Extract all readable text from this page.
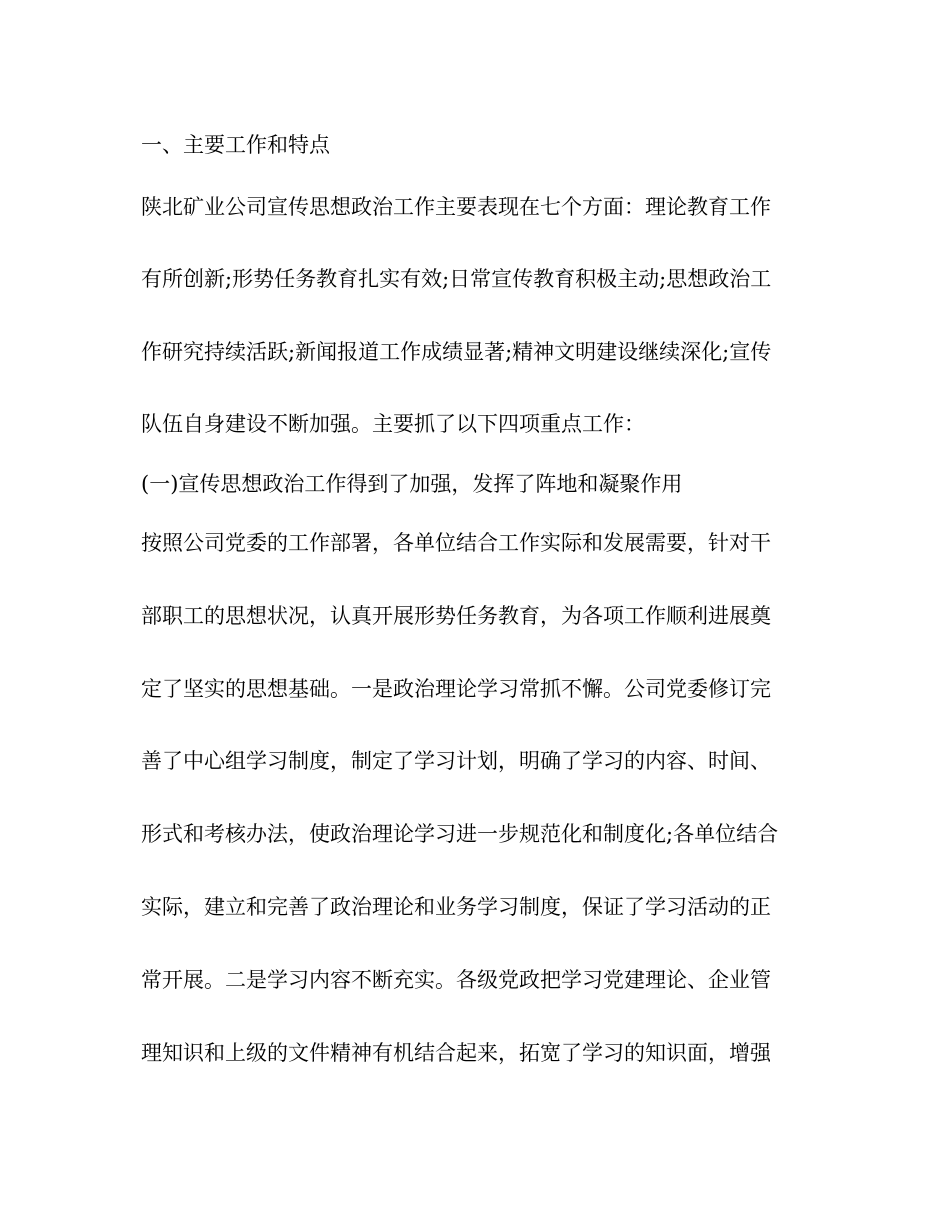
一、主要工作和特点
陕北矿业公司宣传思想政治工作主要表现在七个方面：理论教育工作
有所创新;形势任务教育扎实有效;日常宣传教育积极主动;思想政治工
作研究持续活跃;新闻报道工作成绩显著;精神文明建设继续深化;宣传
队伍自身建设不断加强。主要抓了以下四项重点工作：
(一)宣传思想政治工作得到了加强，发挥了阵地和凝聚作用
按照公司党委的工作部署，各单位结合工作实际和发展需要，针对干
部职工的思想状况，认真开展形势任务教育，为各项工作顺利进展奠
定了坚实的思想基础。一是政治理论学习常抓不懈。公司党委修订完
善了中心组学习制度，制定了学习计划，明确了学习的内容、时间、
形式和考核办法，使政治理论学习进一步规范化和制度化;各单位结合
实际，建立和完善了政治理论和业务学习制度，保证了学习活动的正
常开展。二是学习内容不断充实。各级党政把学习党建理论、企业管
理知识和上级的文件精神有机结合起来，拓宽了学习的知识面，增强
